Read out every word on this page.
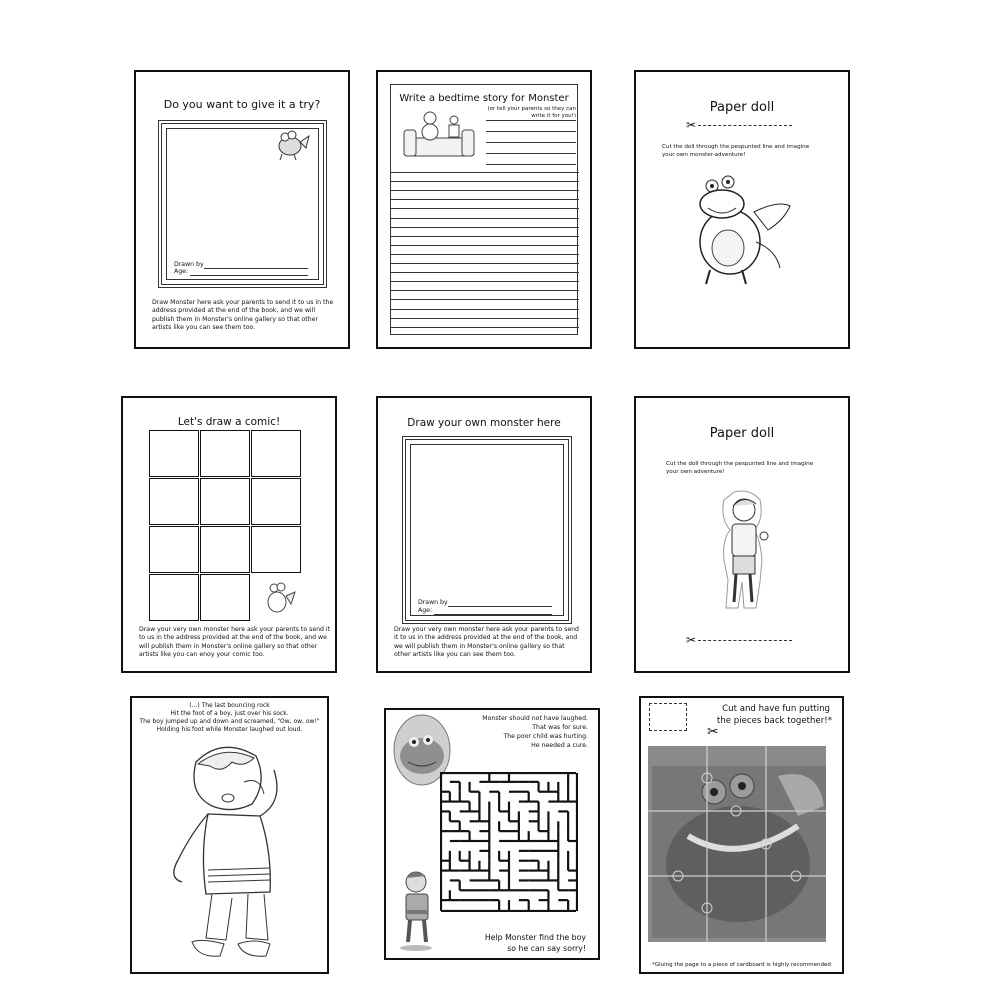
Do you want to give it a try?
Drawn by
Age:
Draw Monster here ask your parents to send it to us in the address provided at the end of the book, and we will publish them in Monster's online gallery so that other artists like you can see them too.
Write a bedtime story for Monster
(or tell your parents so they can write it for you!)
Paper doll
✂
Cut the doll through the pespunted line and imagine your own monster-adventure!
Let's draw a comic!
Draw your very own monster here ask your parents to send it to us in the address provided at the end of the book, and we will publish them in Monster's online gallery so that other artists like you can enoy your comic too.
Draw your own monster here
Drawn by
Age:
Draw your very own monster here ask your parents to send it to us in the address provided at the end of the book, and we will publish them in Monster's online gallery so that other artists like you can see them too.
Paper doll
Cut the doll through the pespunted line and imagine your own adventure!
✂
(...) The last bouncing rock
Hit the foot of a boy, just over his sock.
The boy jumped up and down and screamed, "Ow, ow, ow!"
Holding his foot while Monster laughed out loud.
Monster should not have laughed.
That was for sure.
The poor child was hurting.
He needed a cure.
Help Monster find the boy
so he can say sorry!
✂
Cut and have fun putting
the pieces back together!*
*Gluing the page to a piece of cardboard is highly recommended
